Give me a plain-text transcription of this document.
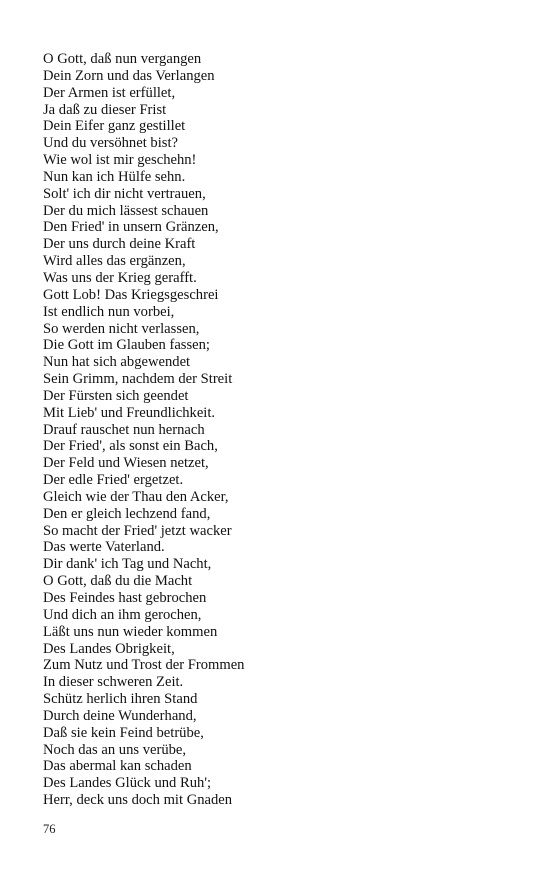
O Gott, daß nun vergangen
Dein Zorn und das Verlangen
Der Armen ist erfüllet,
Ja daß zu dieser Frist
Dein Eifer ganz gestillet
Und du versöhnet bist?
Wie wol ist mir geschehn!
Nun kan ich Hülfe sehn.
Solt' ich dir nicht vertrauen,
Der du mich lässest schauen
Den Fried' in unsern Gränzen,
Der uns durch deine Kraft
Wird alles das ergänzen,
Was uns der Krieg gerafft.
Gott Lob! Das Kriegsgeschrei
Ist endlich nun vorbei,
So werden nicht verlassen,
Die Gott im Glauben fassen;
Nun hat sich abgewendet
Sein Grimm, nachdem der Streit
Der Fürsten sich geendet
Mit Lieb' und Freundlichkeit.
Drauf rauschet nun hernach
Der Fried', als sonst ein Bach,
Der Feld und Wiesen netzet,
Der edle Fried' ergetzet.
Gleich wie der Thau den Acker,
Den er gleich lechzend fand,
So macht der Fried' jetzt wacker
Das werte Vaterland.
Dir dank' ich Tag und Nacht,
O Gott, daß du die Macht
Des Feindes hast gebrochen
Und dich an ihm gerochen,
Läßt uns nun wieder kommen
Des Landes Obrigkeit,
Zum Nutz und Trost der Frommen
In dieser schweren Zeit.
Schütz herlich ihren Stand
Durch deine Wunderhand,
Daß sie kein Feind betrübe,
Noch das an uns verübe,
Das abermal kan schaden
Des Landes Glück und Ruh';
Herr, deck uns doch mit Gnaden
76
